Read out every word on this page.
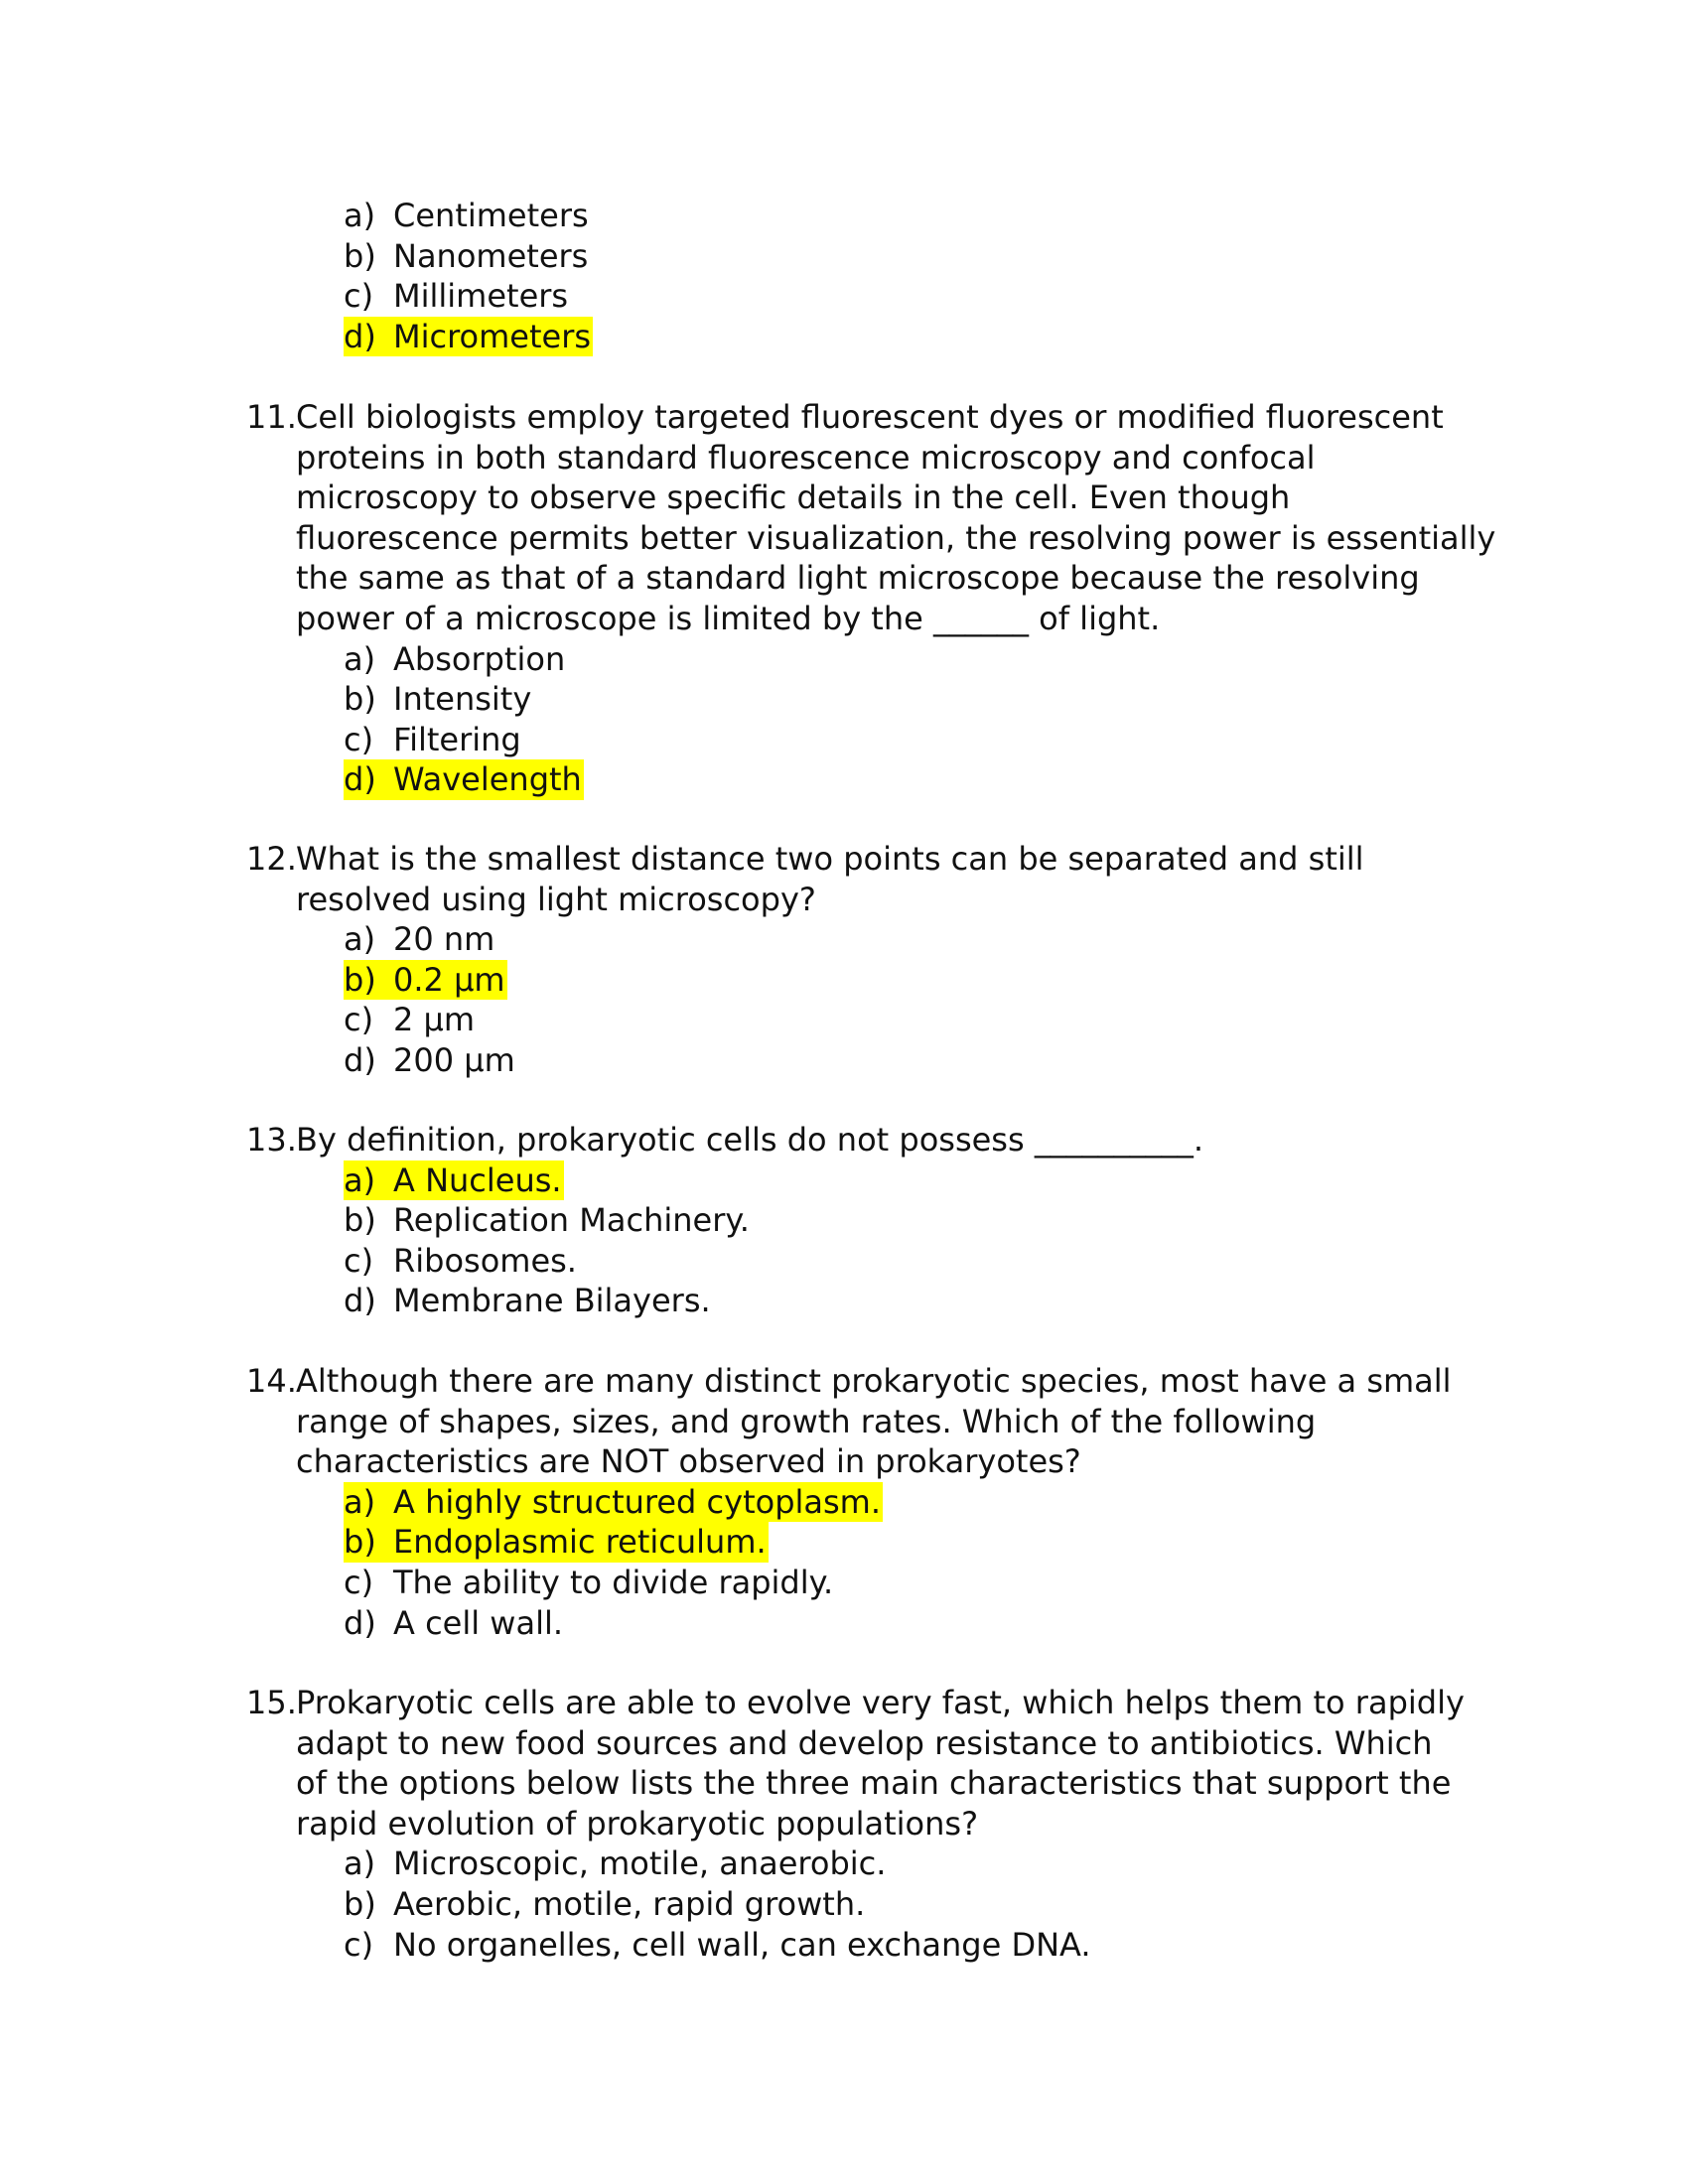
a) Centimeters
b) Nanometers
c) Millimeters
d) Micrometers
11. Cell biologists employ targeted fluorescent dyes or modified fluorescent
proteins in both standard fluorescence microscopy and confocal
microscopy to observe specific details in the cell. Even though
fluorescence permits better visualization, the resolving power is essentially
the same as that of a standard light microscope because the resolving
power of a microscope is limited by the ______ of light.
a) Absorption
b) Intensity
c) Filtering
d) Wavelength
12. What is the smallest distance two points can be separated and still
resolved using light microscopy?
a) 20 nm
b) 0.2 µm
c) 2 µm
d) 200 µm
13. By definition, prokaryotic cells do not possess __________.
a) A Nucleus.
b) Replication Machinery.
c) Ribosomes.
d) Membrane Bilayers.
14. Although there are many distinct prokaryotic species, most have a small
range of shapes, sizes, and growth rates. Which of the following
characteristics are NOT observed in prokaryotes?
a) A highly structured cytoplasm.
b) Endoplasmic reticulum.
c) The ability to divide rapidly.
d) A cell wall.
15. Prokaryotic cells are able to evolve very fast, which helps them to rapidly
adapt to new food sources and develop resistance to antibiotics. Which
of the options below lists the three main characteristics that support the
rapid evolution of prokaryotic populations?
a) Microscopic, motile, anaerobic.
b) Aerobic, motile, rapid growth.
c) No organelles, cell wall, can exchange DNA.
